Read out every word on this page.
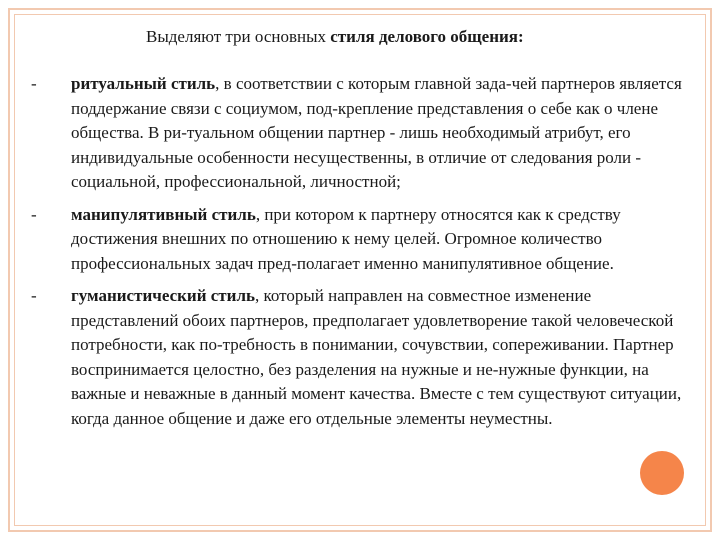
Выделяют три основных стиля делового общения:
- ритуальный стиль, в соответствии с которым главной зада-чей партнеров является поддержание связи с социумом, под-крепление представления о себе как о члене общества. В ри-туальном общении партнер - лишь необходимый атрибут, его индивидуальные особенности несущественны, в отличие от следования роли - социальной, профессиональной, личностной;
- манипулятивный стиль, при котором к партнеру относятся как к средству достижения внешних по отношению к нему целей. Огромное количество профессиональных задач пред-полагает именно манипулятивное общение.
- гуманистический стиль, который направлен на совместное изменение представлений обоих партнеров, предполагает удовлетворение такой человеческой потребности, как по-требность в понимании, сочувствии, сопереживании. Партнер воспринимается целостно, без разделения на нужные и не-нужные функции, на важные и неважные в данный момент качества. Вместе с тем существуют ситуации, когда данное общение и даже его отдельные элементы неуместны.
